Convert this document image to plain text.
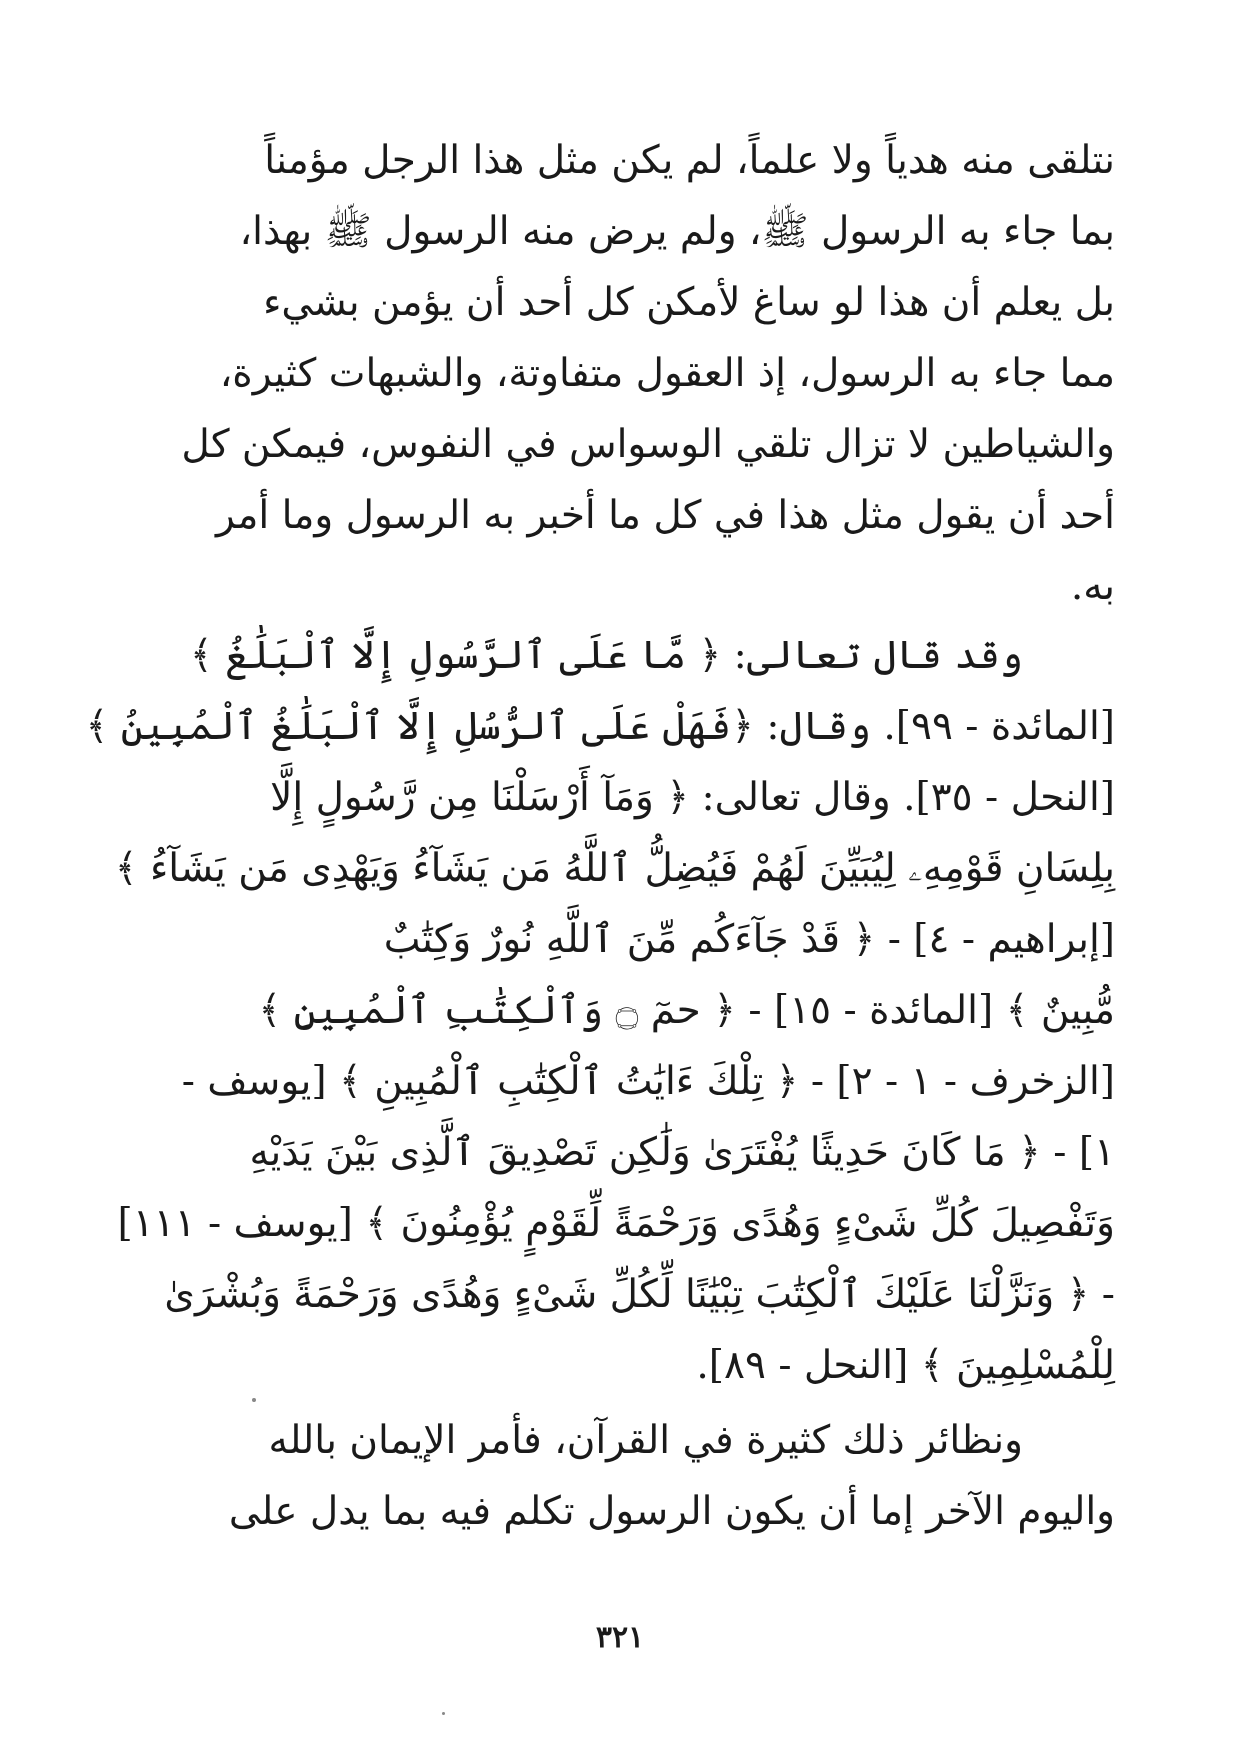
نتلقى منه هدياً ولا علماً، لم يكن مثل هذا الرجل مؤمناً
بما جاء به الرسول ﷺ، ولم يرض منه الرسول ﷺ بهذا،
بل يعلم أن هذا لو ساغ لأمكن كل أحد أن يؤمن بشيء
مما جاء به الرسول، إذ العقول متفاوتة، والشبهات كثيرة،
والشياطين لا تزال تلقي الوسواس في النفوس، فيمكن كل
أحد أن يقول مثل هذا في كل ما أخبر به الرسول وما أمر
به.
وقد قال تعالى: ﴿ مَّا عَلَى ٱلرَّسُولِ إِلَّا ٱلْبَلَٰغُ ﴾
[المائدة - ٩٩]. وقال: ﴿فَهَلْ عَلَى ٱلرُّسُلِ إِلَّا ٱلْبَلَٰغُ ٱلْمُبِينُ ﴾
[النحل - ٣٥]. وقال تعالى: ﴿ وَمَآ أَرْسَلْنَا مِن رَّسُولٍ إِلَّا
بِلِسَانِ قَوْمِهِۦ لِيُبَيِّنَ لَهُمْ فَيُضِلُّ ٱللَّهُ مَن يَشَآءُ وَيَهْدِى مَن يَشَآءُ ﴾
[إبراهيم - ٤] - ﴿ قَدْ جَآءَكُم مِّنَ ٱللَّهِ نُورٌ وَكِتَٰبٌ
مُّبِينٌ ﴾ [المائدة - ١٥] - ﴿ حمٓ ۝ وَٱلْكِتَٰبِ ٱلْمُبِينِ ﴾
[الزخرف - ١ - ٢] - ﴿ تِلْكَ ءَايَٰتُ ٱلْكِتَٰبِ ٱلْمُبِينِ ﴾ [يوسف -
١] - ﴿ مَا كَانَ حَدِيثًا يُفْتَرَىٰ وَلَٰكِن تَصْدِيقَ ٱلَّذِى بَيْنَ يَدَيْهِ
وَتَفْصِيلَ كُلِّ شَىْءٍ وَهُدًى وَرَحْمَةً لِّقَوْمٍ يُؤْمِنُونَ ﴾ [يوسف - ١١١]
- ﴿ وَنَزَّلْنَا عَلَيْكَ ٱلْكِتَٰبَ تِبْيَٰنًا لِّكُلِّ شَىْءٍ وَهُدًى وَرَحْمَةً وَبُشْرَىٰ
لِلْمُسْلِمِينَ ﴾ [النحل - ٨٩].
ونظائر ذلك كثيرة في القرآن، فأمر الإيمان بالله
واليوم الآخر إما أن يكون الرسول تكلم فيه بما يدل على
٣٢١
